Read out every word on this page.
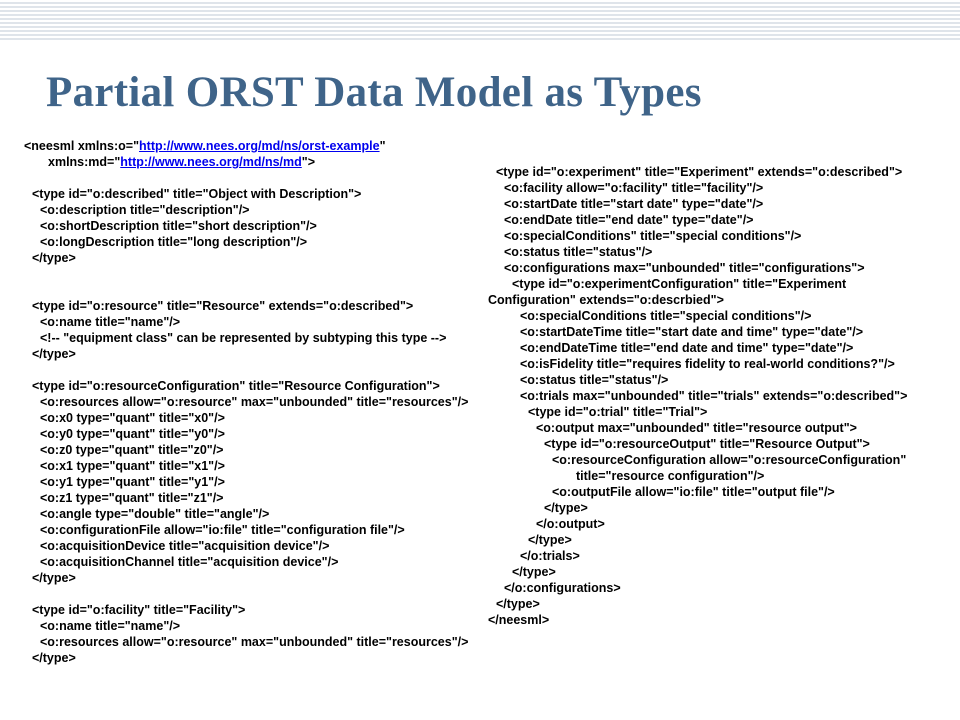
Partial ORST Data Model as Types
<neesml xmlns:o="http://www.nees.org/md/ns/orst-example"
xmlns:md="http://www.nees.org/md/ns/md">
<type id="o:described" title="Object with Description">
<o:description title="description"/>
<o:shortDescription title="short description"/>
<o:longDescription title="long description"/>
</type>
<type id="o:resource" title="Resource" extends="o:described">
<o:name title="name"/>
<!-- "equipment class" can be represented by subtyping this type -->
</type>
<type id="o:resourceConfiguration" title="Resource Configuration">
<o:resources allow="o:resource" max="unbounded" title="resources"/>
<o:x0 type="quant" title="x0"/>
<o:y0 type="quant" title="y0"/>
<o:z0 type="quant" title="z0"/>
<o:x1 type="quant" title="x1"/>
<o:y1 type="quant" title="y1"/>
<o:z1 type="quant" title="z1"/>
<o:angle type="double" title="angle"/>
<o:configurationFile allow="io:file" title="configuration file"/>
<o:acquisitionDevice title="acquisition device"/>
<o:acquisitionChannel title="acquisition device"/>
</type>
<type id="o:facility" title="Facility">
<o:name title="name"/>
<o:resources allow="o:resource" max="unbounded" title="resources"/>
</type>
<type id="o:experiment" title="Experiment" extends="o:described">
<o:facility allow="o:facility" title="facility"/>
<o:startDate title="start date" type="date"/>
<o:endDate title="end date" type="date"/>
<o:specialConditions" title="special conditions"/>
<o:status title="status"/>
<o:configurations max="unbounded" title="configurations">
<type id="o:experimentConfiguration" title="Experiment
Configuration" extends="o:descrbied">
<o:specialConditions title="special conditions"/>
<o:startDateTime title="start date and time" type="date"/>
<o:endDateTime title="end date and time" type="date"/>
<o:isFidelity title="requires fidelity to real-world conditions?"/>
<o:status title="status"/>
<o:trials max="unbounded" title="trials" extends="o:described">
<type id="o:trial" title="Trial">
<o:output max="unbounded" title="resource output">
<type id="o:resourceOutput" title="Resource Output">
<o:resourceConfiguration allow="o:resourceConfiguration"
title="resource configuration"/>
<o:outputFile allow="io:file" title="output file"/>
</type>
</o:output>
</type>
</o:trials>
</type>
</o:configurations>
</type>
</neesml>
